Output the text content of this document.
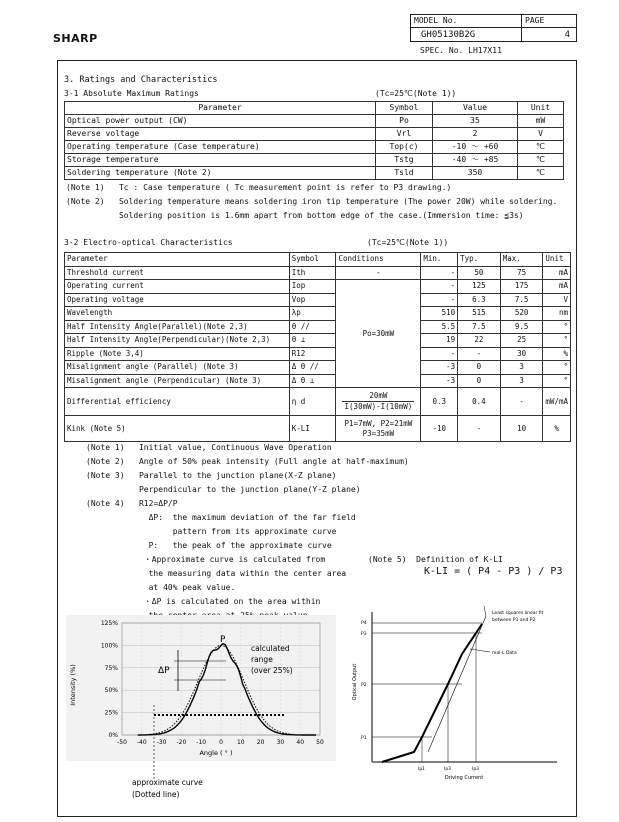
SHARP
MODEL No.	PAGE
GH05130B2G	4
SPEC. No. LH17X11
3. Ratings and Characteristics
3-1 Absolute Maximum Ratings	(Tc=25℃(Note 1))
Parameter	Symbol	Value	Unit
Optical power output (CW)	Po	35	mW
Reverse voltage	Vrl	2	V
Operating temperature (Case temperature)	Top(c)	-10 ～ +60	℃
Storage temperature	Tstg	-40 ～ +85	℃
Soldering temperature (Note 2)	Tsld	350	℃
(Note 1)   Tc : Case temperature ( Tc measurement point is refer to P3 drawing.)
(Note 2)   Soldering temperature means soldering iron tip temperature (The power 20W) while soldering.
Soldering position is 1.6mm apart from bottom edge of the case.(Immersion time: ≦3s)
3-2 Electro-optical Characteristics	(Tc=25℃(Note 1))
Parameter	Symbol	Conditions	Min.	Typ.	Max.	Unit
Threshold current	Ith	-	-	50	75	mA
Operating current	Iop	Po=30mW	-	125	175	mA
Operating voltage	Vop		-	6.3	7.5	V
Wavelength	λp		510	515	520	nm
Half Intensity Angle(Parallel)(Note 2,3)	θ //		5.5	7.5	9.5	°
Half Intensity Angle(Perpendicular)(Note 2,3)	θ ⊥		19	22	25	°
Ripple (Note 3,4)	R12		-	-	30	%
Misalignment angle (Parallel) (Note 3)	Δ θ //		-3	0	3	°
Misalignment angle (Perpendicular) (Note 3)	Δ θ ⊥		-3	0	3	°
Differential efficiency	η d	20mW
I(30mW)-I(10mW)	0.3	0.4	-	mW/mA
Kink (Note 5)	K-LI	P1=7mW, P2=21mW
P3=35mW	-10	-	10	%
(Note 1)   Initial value, Continuous Wave Operation
(Note 2)   Angle of 50% peak intensity (Full angle at half-maximum)
(Note 3)   Parallel to the junction plane(X-Z plane)
Perpendicular to the junction plane(Y-Z plane)
(Note 4)   R12=ΔP/P
ΔP:  the maximum deviation of the far field
pattern from its approximate curve
P:   the peak of the approximate curve
・Approximate curve is calculated from
the measuring data within the center area
at 40% peak value.
・ΔP is calculated on the area within
(Note 5)  Definition of K-LI
K-LI = ( P4 - P3 ) / P3
125%
100%
75%
50%
25%
0%
-50 -40 -30 -20 -10 0 10 20 30 40 50
Intensity (%)
Angle ( ° )
P
ΔP
calculated
range
(over 25%)
approximate curve
(Dotted line)
P4
P3
P2
P1
Ip1	Ip3	Ip3
Driving Current
Optical Output
Least squares linear fit
between P1 and P2
mal-L Data
